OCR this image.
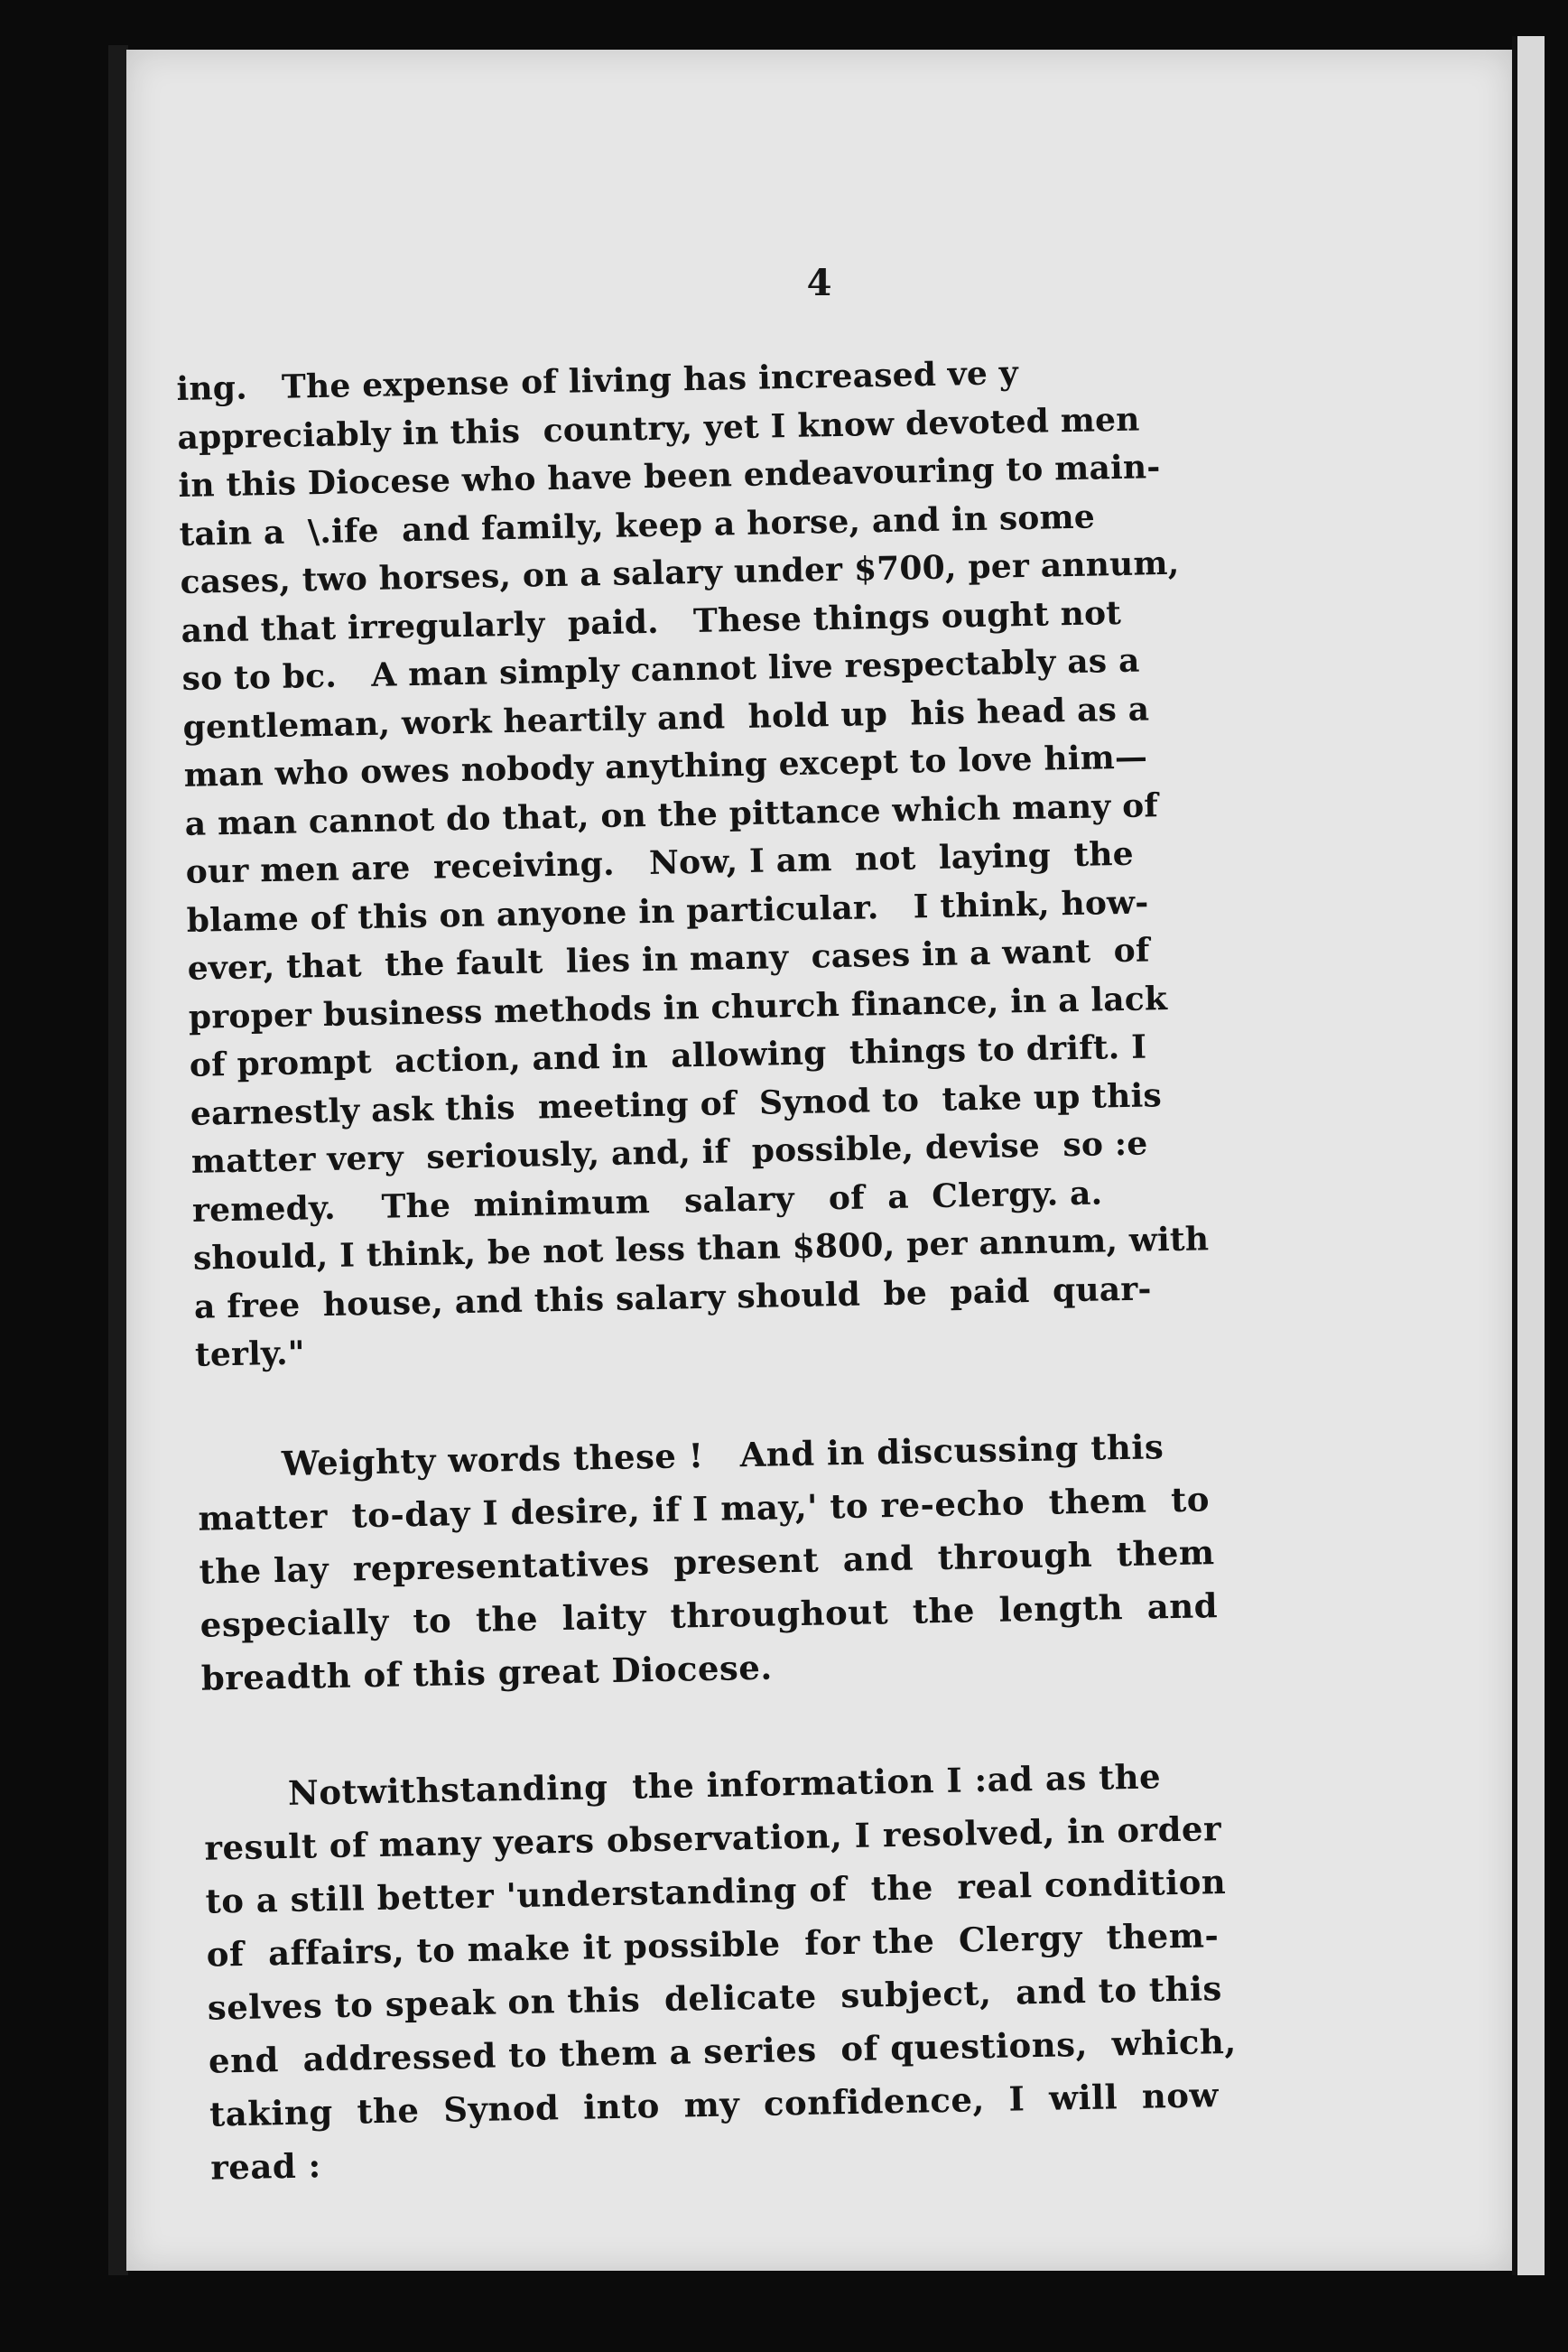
4
ing.   The expense of living has increased ve y
appreciably in this  country, yet I know devoted men
in this Diocese who have been endeavouring to main-
tain a  \.ife  and family, keep a horse, and in some
cases, two horses, on a salary under $700, per annum,
and that irregularly  paid.   These things ought not
so to bc.   A man simply cannot live respectably as a
gentleman, work heartily and  hold up  his head as a
man who owes nobody anything except to love him—
a man cannot do that, on the pittance which many of
our men are  receiving.   Now, I am  not  laying  the
blame of this on anyone in particular.   I think, how-
ever, that  the fault  lies in many  cases in a want  of
proper business methods in church finance, in a lack
of prompt  action, and in  allowing  things to drift. I
earnestly ask this  meeting of  Synod to  take up this
matter very  seriously, and, if  possible, devise  so :e
remedy.    The  minimum   salary   of  a  Clergy. a.
should, I think, be not less than $800, per annum, with
a free  house, and this salary should  be  paid  quar-
terly."
Weighty words these !   And in discussing this
matter  to-day I desire, if I may,' to re-echo  them  to
the lay  representatives  present  and  through  them
especially  to  the  laity  throughout  the  length  and
breadth of this great Diocese.
Notwithstanding  the information I :ad as the
result of many years observation, I resolved, in order
to a still better 'understanding of  the  real condition
of  affairs, to make it possible  for the  Clergy  them-
selves to speak on this  delicate  subject,  and to this
end  addressed to them a series  of questions,  which,
taking  the  Synod  into  my  confidence,  I  will  now
read :
